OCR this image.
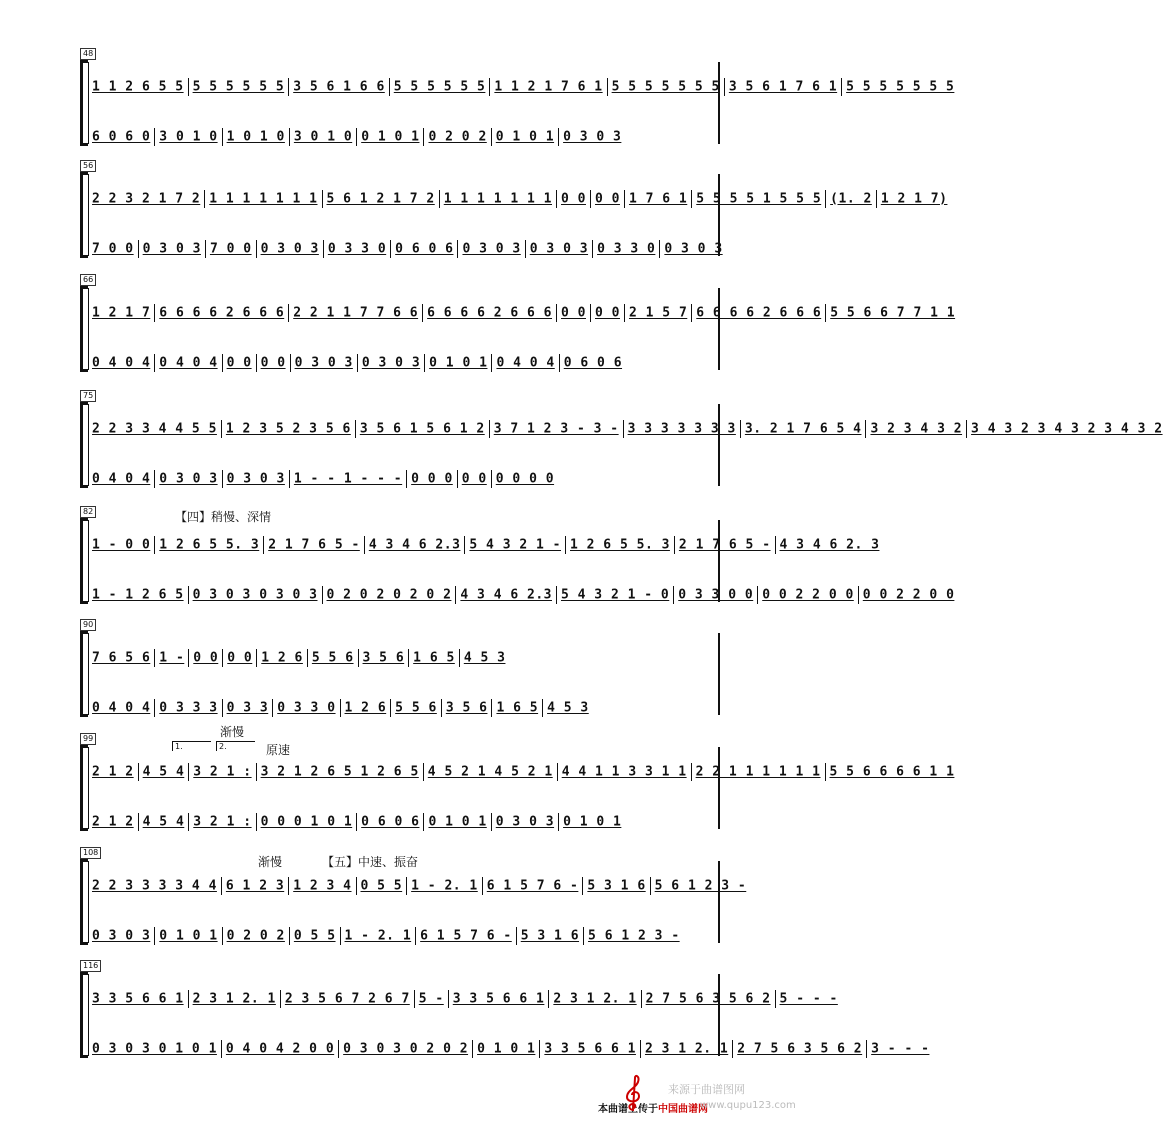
48
1 1 2 6 5 5 5 5 5 5 5 5 3 5 6 1 6 6 5 5 5 5 5 5 1 1 2 1 7 6 1 5 5 5 5 5 5 5 3 5 6 1 7 6 1 5 5 5 5 5 5 5
6 0 6 0 3 0 1 0 1 0 1 0 3 0 1 0 0 1 0 1 0 2 0 2 0 1 0 1 0 3 0 3
56
2 2 3 2 1 7 2 1 1 1 1 1 1 1 5 6 1 2 1 7 2 1 1 1 1 1 1 1 0 0 0 0 1 7 6 1 5 5 5 5 1 5 5 5 (1. 2 1 2 1 7)
7 0 0 0 3 0 3 7 0 0 0 3 0 3 0 3 3 0 0 6 0 6 0 3 0 3 0 3 0 3 0 3 3 0 0 3 0 3
66
1 2 1 7 6 6 6 6 2 6 6 6 2 2 1 1 7 7 6 6 6 6 6 6 2 6 6 6 0 0 0 0 2 1 5 7 6 6 6 6 2 6 6 6 5 5 6 6 7 7 1 1
0 4 0 4 0 4 0 4 0 0 0 0 0 3 0 3 0 3 0 3 0 1 0 1 0 4 0 4 0 6 0 6
75
2 2 3 3 4 4 5 5 1 2 3 5 2 3 5 6 3 5 6 1 5 6 1 2 3 7 1 2 3 - 3 - 3 3 3 3 3 3 3 3. 2 1 7 6 5 4 3 2 3 4 3 2 3 4 3 2 3 4 3 2 3 4 3 2
0 4 0 4 0 3 0 3 0 3 0 3 1 - - 1 - - - 0 0 0 0 0 0 0 0 0
82	【四】稍慢、深情
1 - 0 0 1 2 6 5 5. 3 2 1 7 6 5 - 4 3 4 6 2.3 5 4 3 2 1 - 1 2 6 5 5. 3 2 1 7 6 5 - 4 3 4 6 2. 3
1 - 1 2 6 5 0 3 0 3 0 3 0 3 0 2 0 2 0 2 0 2 4 3 4 6 2.3 5 4 3 2 1 - 0 0 3 3 0 0 0 0 2 2 0 0 0 0 2 2 0 0
90
7 6 5 6 1 - 0 0 0 0 1 2 6 5 5 6 3 5 6 1 6 5 4 5 3
0 4 0 4 0 3 3 3 0 3 3 0 3 3 0 1 2 6 5 5 6 3 5 6 1 6 5 4 5 3
99	渐慢
原速
1.	2.
2 1 2 4 5 4 3 2 1 : 3 2 1 2 6 5 1 2 6 5 4 5 2 1 4 5 2 1 4 4 1 1 3 3 1 1 2 2 1 1 1 1 1 1 5 5 6 6 6 6 1 1
2 1 2 4 5 4 3 2 1 : 0 0 0 1 0 1 0 6 0 6 0 1 0 1 0 3 0 3 0 1 0 1
108
渐慢	【五】中速、振奋
2 2 3 3 3 3 4 4 6 1 2 3 1 2 3 4 0 5 5 1 - 2. 1 6 1 5 7 6 - 5 3 1 6 5 6 1 2 3 -
0 3 0 3 0 1 0 1 0 2 0 2 0 5 5 1 - 2. 1 6 1 5 7 6 - 5 3 1 6 5 6 1 2 3 -
116
3 3 5 6 6 1 2 3 1 2. 1 2 3 5 6 7 2 6 7 5 - 3 3 5 6 6 1 2 3 1 2. 1 2 7 5 6 3 5 6 2 5 - - -
0 3 0 3 0 1 0 1 0 4 0 4 2 0 0 0 3 0 3 0 2 0 2 0 1 0 1 3 3 5 6 6 1 2 3 1 2. 1 2 7 5 6 3 5 6 2 3 - - -
本曲谱上传于中国曲谱网
来源于曲谱图网
www.qupu123.com
